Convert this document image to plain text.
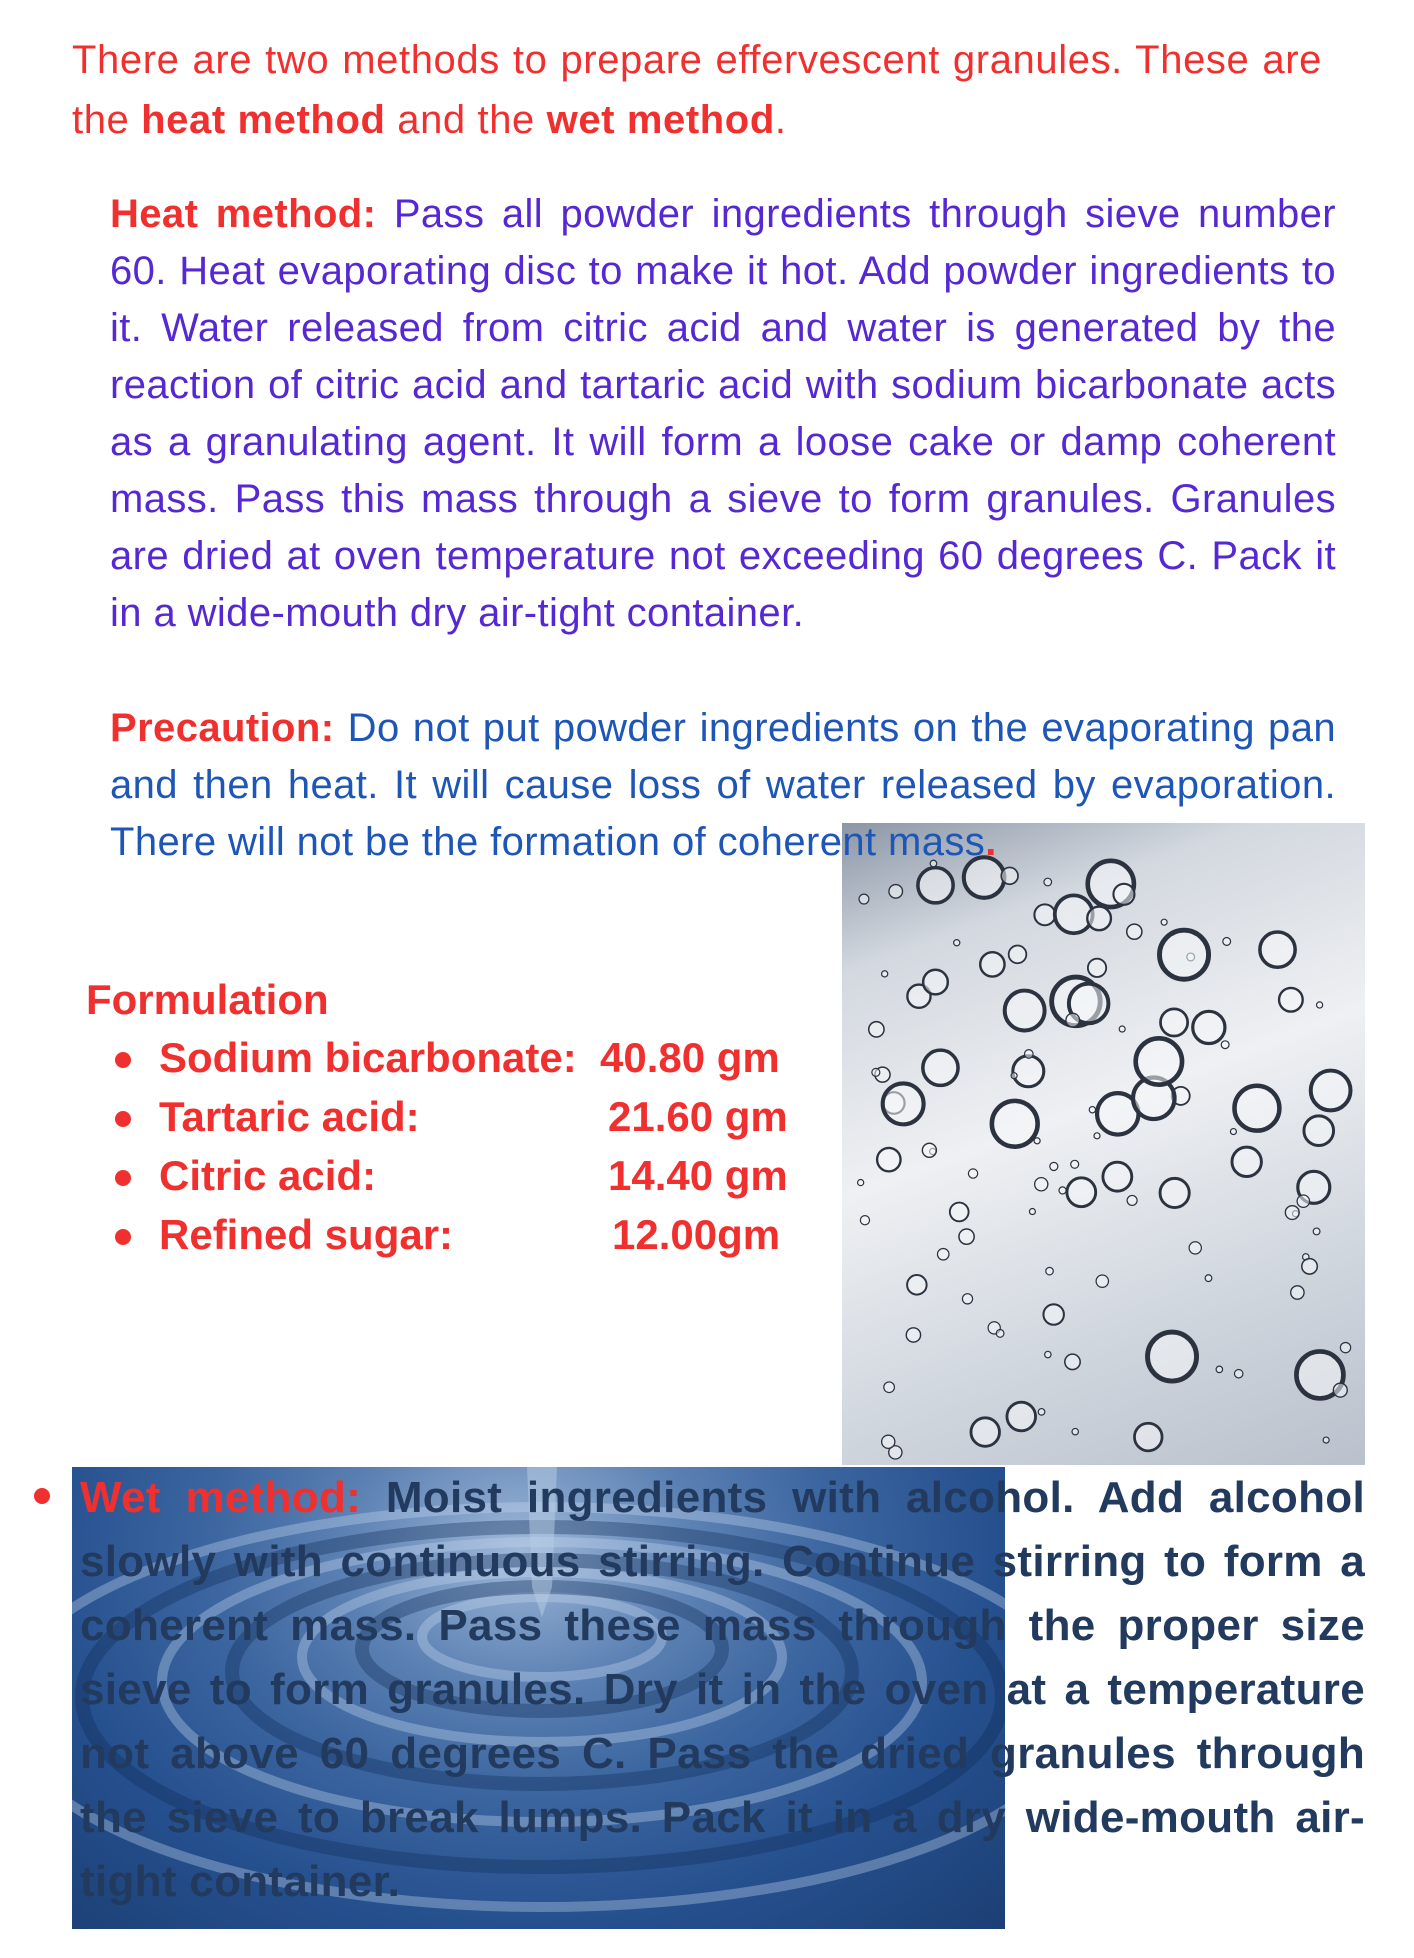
There are two methods to prepare effervescent granules. These are the heat method and the wet method.

Heat method: Pass all powder ingredients through sieve number 60. Heat evaporating disc to make it hot. Add powder ingredients to it. Water released from citric acid and water is generated by the reaction of citric acid and tartaric acid with sodium bicarbonate acts as a granulating agent. It will form a loose cake or damp coherent mass. Pass this mass through a sieve to form granules. Granules are dried at oven temperature not exceeding 60 degrees C. Pack it in a wide-mouth dry air-tight container.

Precaution: Do not put powder ingredients on the evaporating pan and then heat. It will cause loss of water released by evaporation. There will not be the formation of coherent mass.

Formulation
Sodium bicarbonate: 40.80 gm
Tartaric acid:	21.60 gm
Citric acid:	14.40 gm
Refined sugar:	12.00gm

Wet method: Moist ingredients with alcohol. Add alcohol slowly with continuous stirring. Continue stirring to form a coherent mass. Pass these mass through the proper size sieve to form granules. Dry it in the oven at a temperature not above 60 degrees C. Pass the dried granules through the sieve to break lumps. Pack it in a dry wide-mouth air-tight container.
